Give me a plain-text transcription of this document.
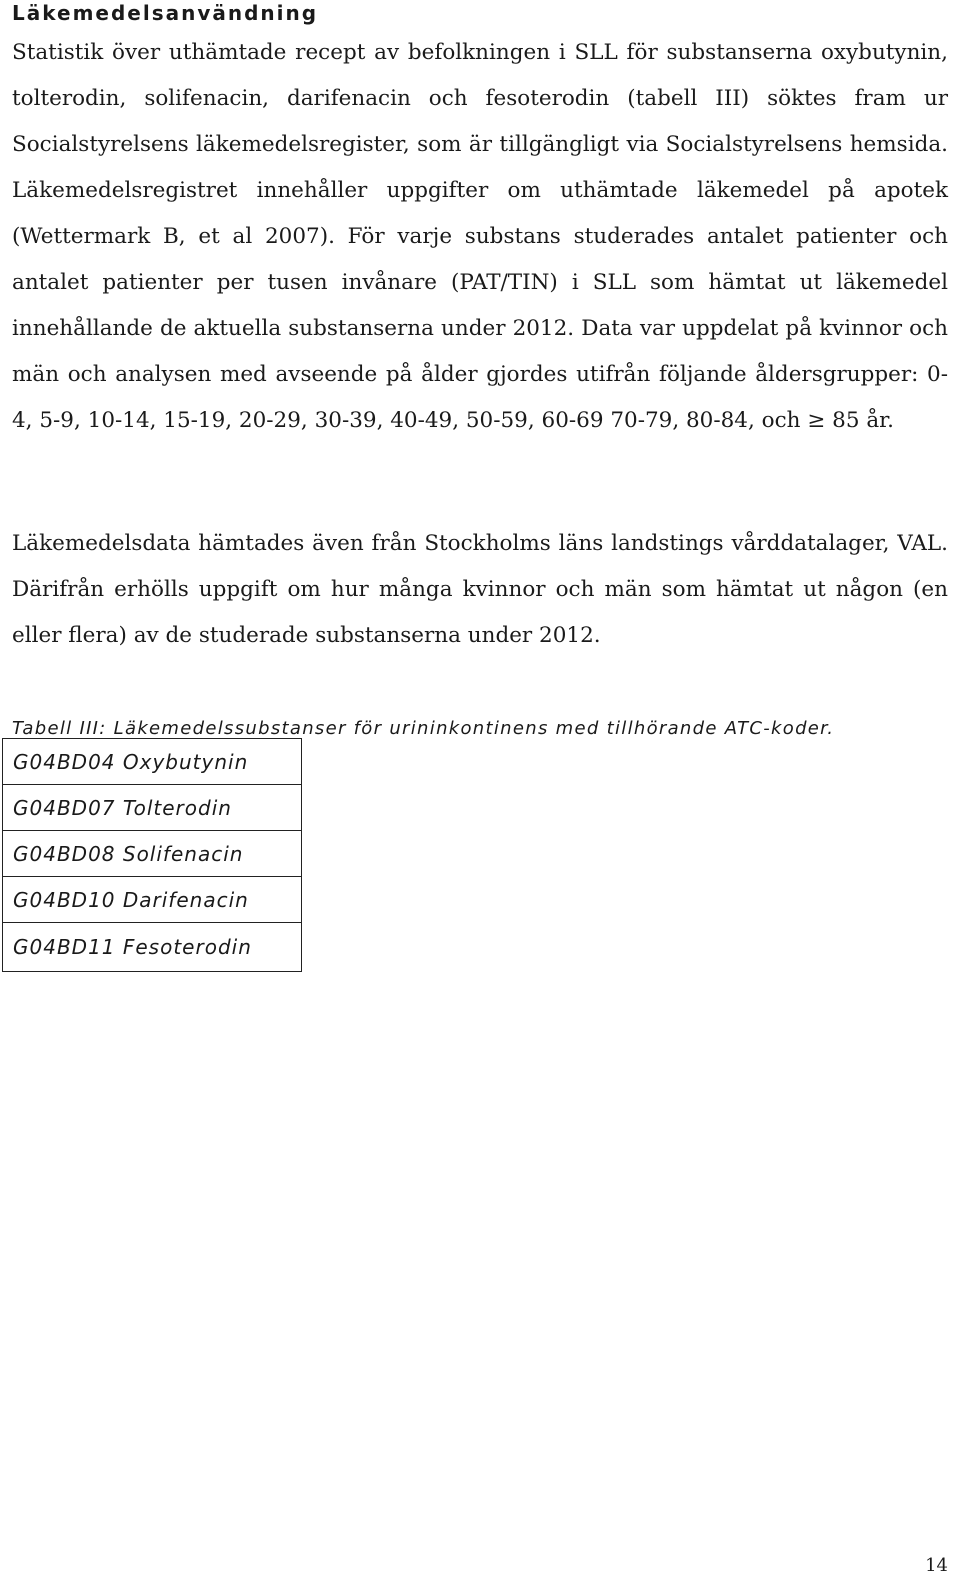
Läkemedelsanvändning

Statistik över uthämtade recept av befolkningen i SLL för substanserna oxybutynin, tolterodin, solifenacin, darifenacin och fesoterodin (tabell III) söktes fram ur Socialstyrelsens läkemedelsregister, som är tillgängligt via Socialstyrelsens hemsida. Läkemedelsregistret innehåller uppgifter om uthämtade läkemedel på apotek (Wettermark B, et al 2007). För varje substans studerades antalet patienter och antalet patienter per tusen invånare (PAT/TIN) i SLL som hämtat ut läkemedel innehållande de aktuella substanserna under 2012. Data var uppdelat på kvinnor och män och analysen med avseende på ålder gjordes utifrån följande åldersgrupper: 0-4, 5-9, 10-14, 15-19, 20-29, 30-39, 40-49, 50-59, 60-69 70-79, 80-84, och ≥ 85 år.

Läkemedelsdata hämtades även från Stockholms läns landstings vårddatalager, VAL. Därifrån erhölls uppgift om hur många kvinnor och män som hämtat ut någon (en eller flera) av de studerade substanserna under 2012.

Tabell III: Läkemedelssubstanser för urininkontinens med tillhörande ATC-koder.
G04BD04 Oxybutynin
G04BD07 Tolterodin
G04BD08 Solifenacin
G04BD10 Darifenacin
G04BD11 Fesoterodin
14
